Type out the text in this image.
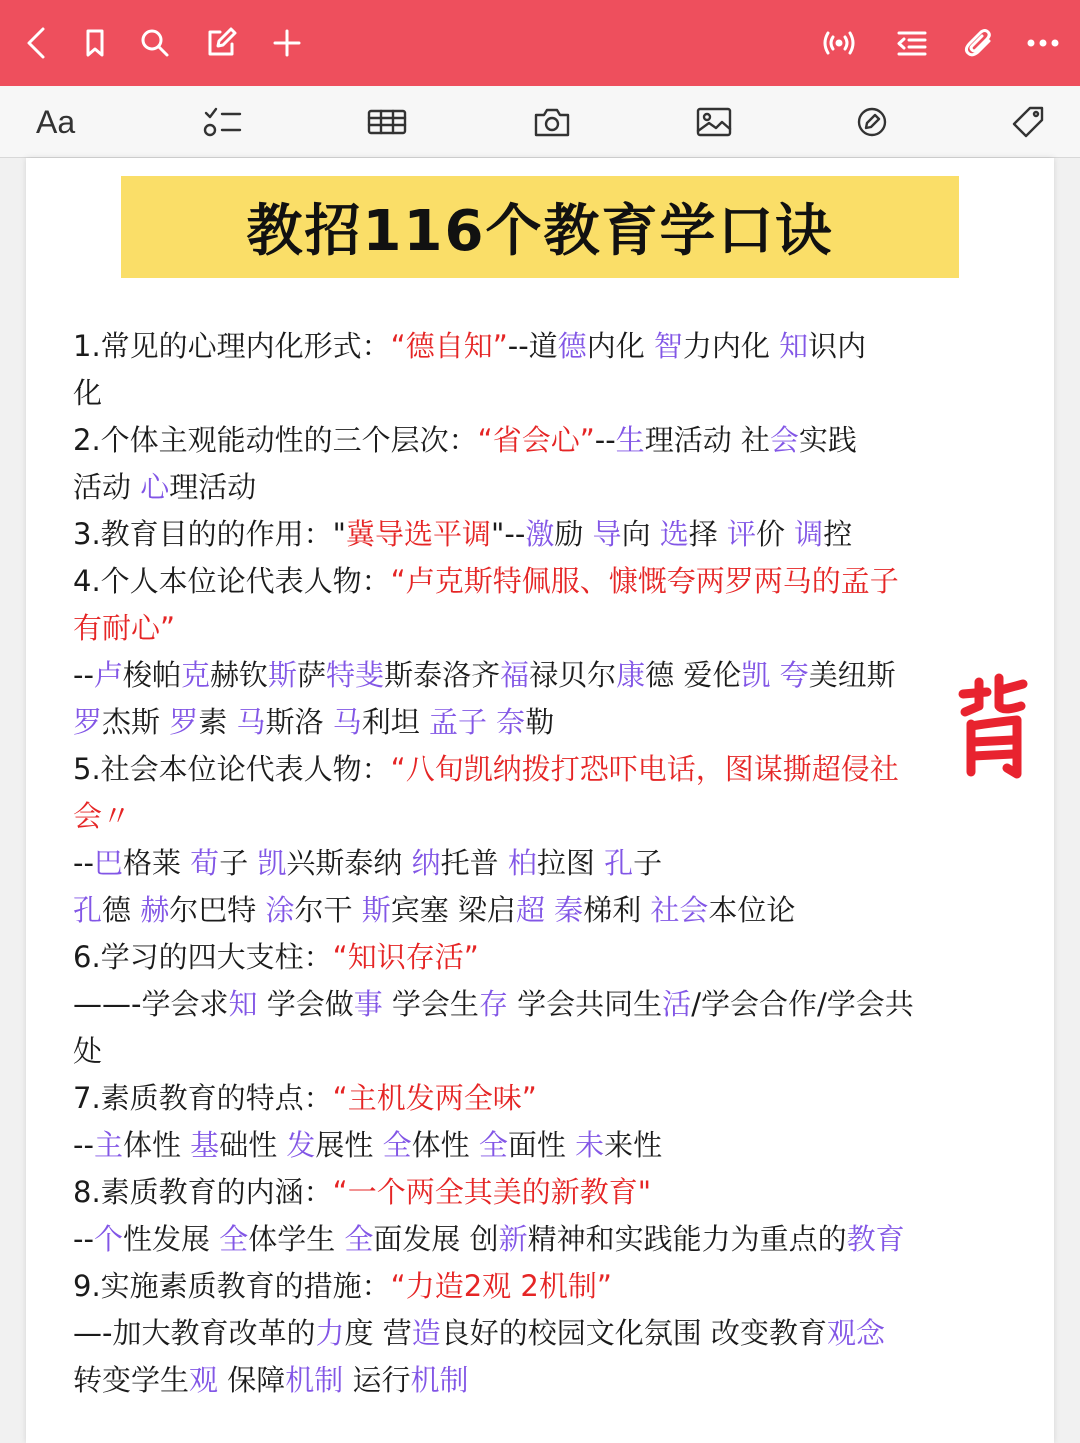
Aa
教招116个教育学口诀
1.常见的心理内化形式：“德自知”--道德内化 智力内化 知识内
化
2.个体主观能动性的三个层次：“省会心”--生理活动 社会实践
活动 心理活动
3.教育目的的作用："冀导选平调"--激励 导向 选择 评价 调控
4.个人本位论代表人物：“卢克斯特佩服、慷慨夸两罗两马的孟子
有耐心”
--卢梭帕克赫钦斯萨特斐斯泰洛齐福禄贝尔康德 爱伦凯 夸美纽斯
罗杰斯 罗素 马斯洛 马利坦 孟子 奈勒
5.社会本位论代表人物：“八旬凯纳拨打恐吓电话，图谋撕超侵社
会〃
--巴格莱 荀子 凯兴斯泰纳 纳托普 柏拉图 孔子
孔德 赫尔巴特 涂尔干 斯宾塞 梁启超 秦梯利 社会本位论
6.学习的四大支柱：“知识存活”
——-学会求知 学会做事 学会生存 学会共同生活/学会合作/学会共
处
7.素质教育的特点：“主机发两全味”
--主体性 基础性 发展性 全体性 全面性 未来性
8.素质教育的内涵：“一个两全其美的新教育"
--个性发展 全体学生 全面发展 创新精神和实践能力为重点的教育
9.实施素质教育的措施：“力造2观 2机制”
—-加大教育改革的力度 营造良好的校园文化氛围 改变教育观念
转变学生观 保障机制 运行机制
